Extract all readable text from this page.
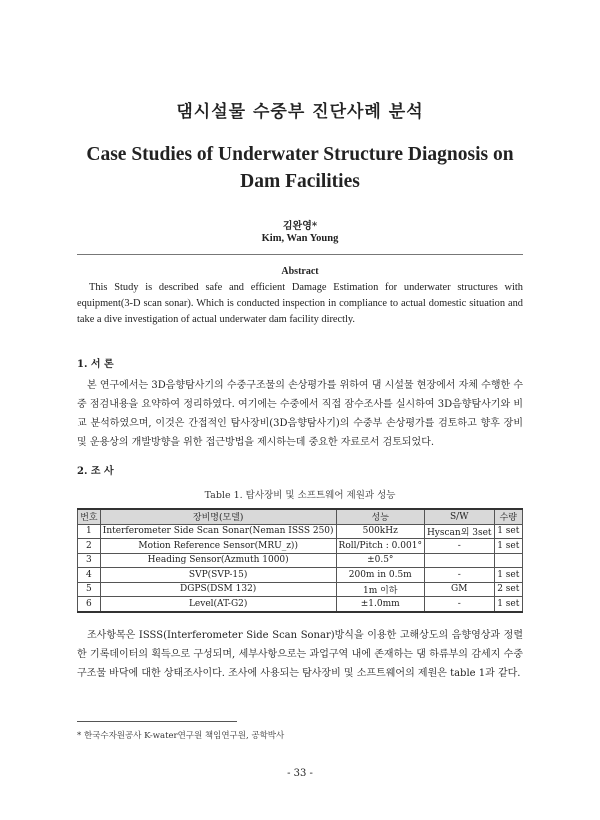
댐시설물 수중부 진단사례 분석
Case Studies of Underwater Structure Diagnosis on
Dam Facilities
김완영*
Kim, Wan Young
Abstract
This Study is described safe and efficient Damage Estimation for underwater structures with equipment(3-D scan sonar). Which is conducted inspection in compliance to actual domestic situation and take a dive investigation of actual underwater dam facility directly.
1. 서 론
본 연구에서는 3D음향탐사기의 수중구조물의 손상평가를 위하여 댐 시설물 현장에서 자체 수행한 수중 점검내용을 요약하여 정리하였다. 여기에는 수중에서 직접 잠수조사를 실시하여 3D음향탐사기와 비교 분석하였으며, 이것은 간접적인 탐사장비(3D음향탐사기)의 수중부 손상평가를 검토하고 향후 장비 및 운용상의 개발방향을 위한 접근방법을 제시하는데 중요한 자료로서 검토되었다.
2. 조 사
Table 1. 탐사장비 및 소프트웨어 제원과 성능
번호	장비명(모델)	성능	S/W	수량
1	Interferometer Side Scan Sonar(Neman ISSS 250)	500kHz	Hyscan외 3set	1 set
2	Motion Reference Sensor(MRU_z))	Roll/Pitch : 0.001°	-	1 set
3	Heading Sensor(Azmuth 1000)	±0.5°		
4	SVP(SVP-15)	200m in 0.5m	-	1 set
5	DGPS(DSM 132)	1m 이하	GM	2 set
6	Level(AT-G2)	±1.0mm	-	1 set
조사항목은 ISSS(Interferometer Side Scan Sonar)방식을 이용한 고해상도의 음향영상과 정렬한 기록데이터의 획득으로 구성되며, 세부사항으로는 과업구역 내에 존재하는 댐 하류부의 감세지 수중구조물 바닥에 대한 상태조사이다. 조사에 사용되는 탐사장비 및 소프트웨어의 제원은 table 1과 같다.
* 한국수자원공사 K-water연구원 책임연구원, 공학박사
- 33 -
